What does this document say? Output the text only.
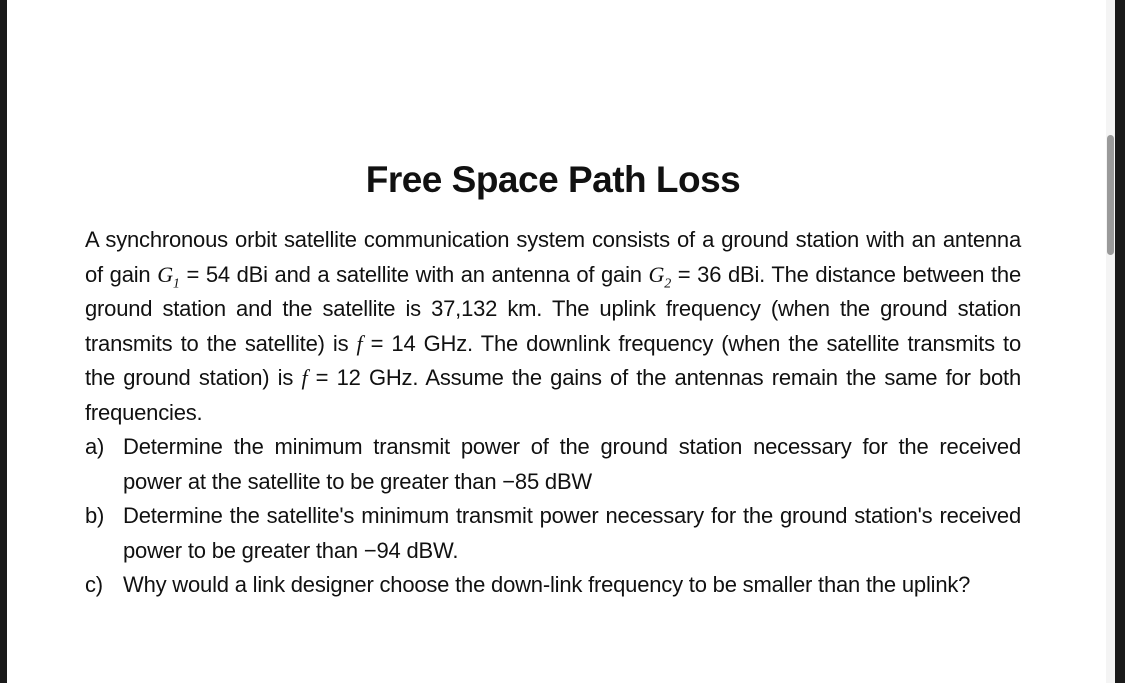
Free Space Path Loss

A synchronous orbit satellite communication system consists of a ground station with an antenna of gain $G_1 = 54$ dBi and a satellite with an antenna of gain $G_2 = 36$ dBi. The distance between the ground station and the satellite is 37,132 km. The uplink frequency (when the ground station transmits to the satellite) is f = 14 GHz. The downlink frequency (when the satellite transmits to the ground station) is f = 12 GHz. Assume the gains of the antennas remain the same for both frequencies.

a) Determine the minimum transmit power of the ground station necessary for the received power at the satellite to be greater than −85 dBW
b) Determine the satellite's minimum transmit power necessary for the ground station's received power to be greater than −94 dBW.
c) Why would a link designer choose the down-link frequency to be smaller than the uplink?
